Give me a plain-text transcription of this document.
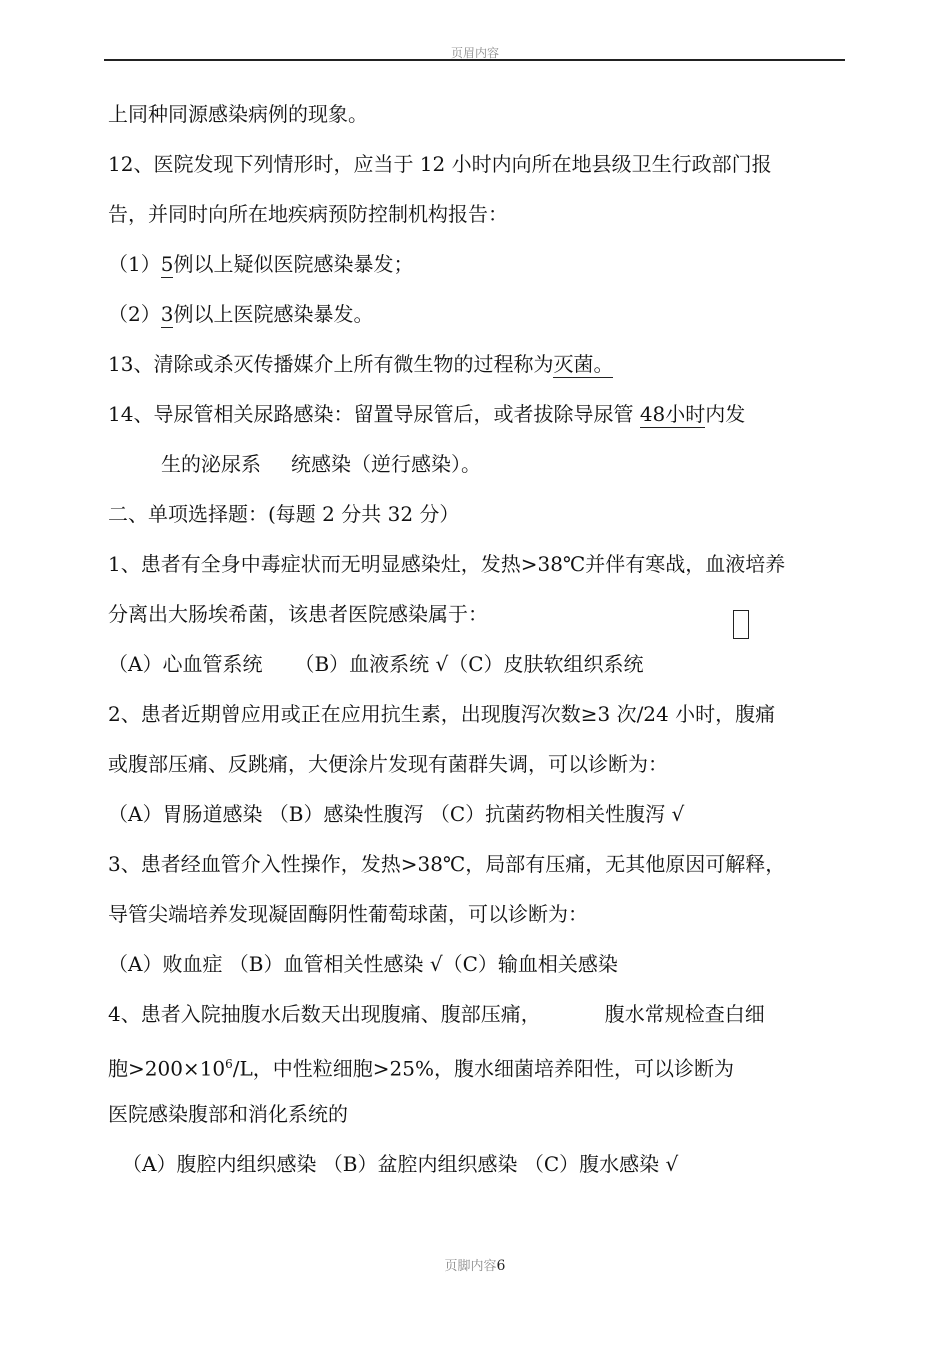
页眉内容
上同种同源感染病例的现象。
12、医院发现下列情形时，应当于 12 小时内向所在地县级卫生行政部门报
告，并同时向所在地疾病预防控制机构报告：
（1）5例以上疑似医院感染暴发；
（2）3例以上医院感染暴发。
13、清除或杀灭传播媒介上所有微生物的过程称为灭菌。
14、导尿管相关尿路感染：留置导尿管后，或者拔除导尿管 48小时内发
生的泌尿系 统感染（逆行感染）。
二、单项选择题：(每题 2 分共 32 分）
1、患者有全身中毒症状而无明显感染灶，发热>38℃并伴有寒战，血液培养
分离出大肠埃希菌，该患者医院感染属于：
（A）心血管系统 （B）血液系统 √（C）皮肤软组织系统
2、患者近期曾应用或正在应用抗生素，出现腹泻次数≥3 次/24 小时，腹痛
或腹部压痛、反跳痛，大便涂片发现有菌群失调，可以诊断为：
（A）胃肠道感染 （B）感染性腹泻 （C）抗菌药物相关性腹泻 √
3、患者经血管介入性操作，发热>38℃，局部有压痛，无其他原因可解释，
导管尖端培养发现凝固酶阴性葡萄球菌，可以诊断为：
（A）败血症 （B）血管相关性感染 √（C）输血相关感染
4、患者入院抽腹水后数天出现腹痛、腹部压痛，	腹水常规检查白细
胞$>200\times 10^6/L$，中性粒细胞>25%，腹水细菌培养阳性，可以诊断为
医院感染腹部和消化系统的
（A）腹腔内组织感染 （B）盆腔内组织感染 （C）腹水感染 √
页脚内容6
